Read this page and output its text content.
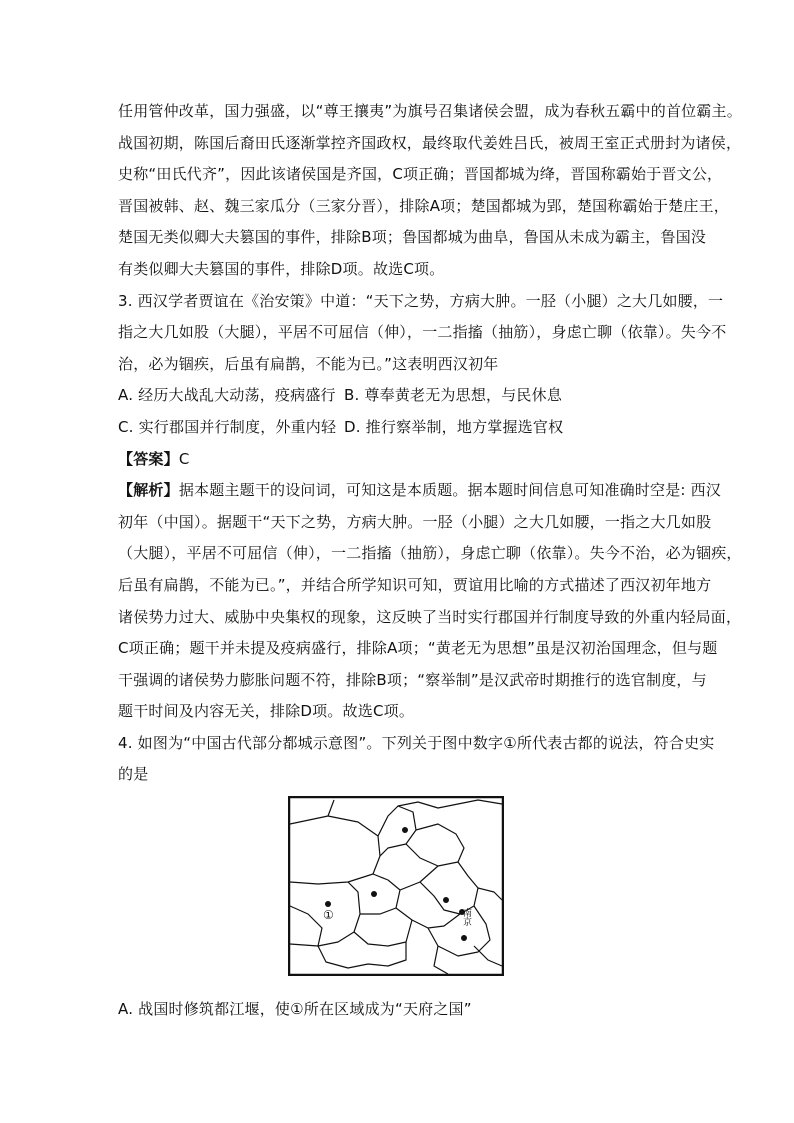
任用管仲改革，国力强盛，以“尊王攘夷”为旗号召集诸侯会盟，成为春秋五霸中的首位霸主。
战国初期，陈国后裔田氏逐渐掌控齐国政权，最终取代姜姓吕氏，被周王室正式册封为诸侯，
史称“田氏代齐”，因此该诸侯国是齐国，C项正确；晋国都城为绛，晋国称霸始于晋文公，
晋国被韩、赵、魏三家瓜分（三家分晋），排除A项；楚国都城为郢，楚国称霸始于楚庄王，
楚国无类似卿大夫篡国的事件，排除B项；鲁国都城为曲阜，鲁国从未成为霸主，鲁国没
有类似卿大夫篡国的事件，排除D项。故选C项。
3. 西汉学者贾谊在《治安策》中道：“天下之势，方病大肿。一胫（小腿）之大几如腰，一
指之大几如股（大腿），平居不可屈信（伸），一二指搐（抽筋），身虑亡聊（依靠）。失今不
治，必为锢疾，后虽有扁鹊，不能为已。”这表明西汉初年
A. 经历大战乱大动荡，疫病盛行 B. 尊奉黄老无为思想，与民休息
C. 实行郡国并行制度，外重内轻 D. 推行察举制，地方掌握选官权
【答案】C
【解析】据本题主题干的设问词，可知这是本质题。据本题时间信息可知准确时空是: 西汉
初年（中国）。据题干“天下之势，方病大肿。一胫（小腿）之大几如腰，一指之大几如股
（大腿），平居不可屈信（伸），一二指搐（抽筋），身虑亡聊（依靠）。失今不治，必为锢疾，
后虽有扁鹊，不能为已。”，并结合所学知识可知，贾谊用比喻的方式描述了西汉初年地方
诸侯势力过大、威胁中央集权的现象，这反映了当时实行郡国并行制度导致的外重内轻局面，
C项正确；题干并未提及疫病盛行，排除A项；“黄老无为思想”虽是汉初治国理念，但与题
干强调的诸侯势力膨胀问题不符，排除B项；“察举制”是汉武帝时期推行的选官制度，与
题干时间及内容无关，排除D项。故选C项。
4. 如图为“中国古代部分都城示意图”。下列关于图中数字①所代表古都的说法，符合史实
的是
①	南京
A. 战国时修筑都江堰，使①所在区域成为“天府之国”
